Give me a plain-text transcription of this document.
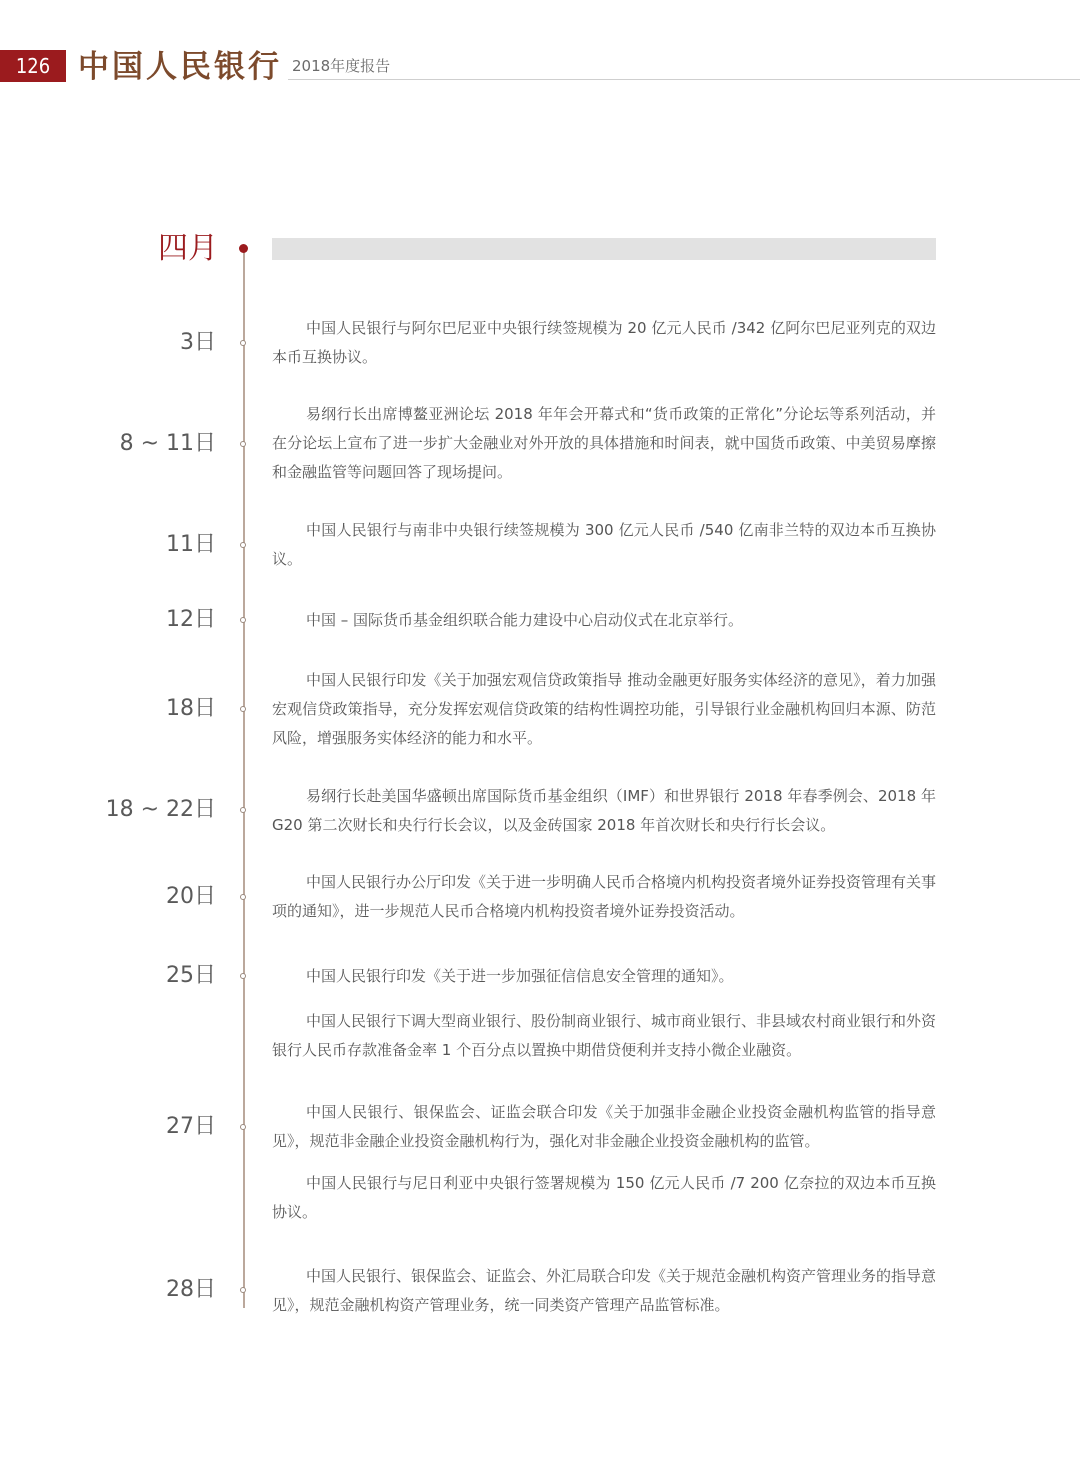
126 中国人民银行 2018年度报告
四月
3日

中国人民银行与阿尔巴尼亚中央银行续签规模为 20 亿元人民币 /342 亿阿尔巴尼亚列克的双边本币互换协议。

8 ~ 11日

易纲行长出席博鳌亚洲论坛 2018 年年会开幕式和“货币政策的正常化”分论坛等系列活动，并在分论坛上宣布了进一步扩大金融业对外开放的具体措施和时间表，就中国货币政策、中美贸易摩擦和金融监管等问题回答了现场提问。

11日

中国人民银行与南非中央银行续签规模为 300 亿元人民币 /540 亿南非兰特的双边本币互换协议。

12日	中国 – 国际货币基金组织联合能力建设中心启动仪式在北京举行。

18日

中国人民银行印发《关于加强宏观信贷政策指导 推动金融更好服务实体经济的意见》，着力加强宏观信贷政策指导，充分发挥宏观信贷政策的结构性调控功能，引导银行业金融机构回归本源、防范风险，增强服务实体经济的能力和水平。

18 ~ 22日

易纲行长赴美国华盛顿出席国际货币基金组织（IMF）和世界银行 2018 年春季例会、2018 年 G20 第二次财长和央行行长会议，以及金砖国家 2018 年首次财长和央行行长会议。

20日

中国人民银行办公厅印发《关于进一步明确人民币合格境内机构投资者境外证券投资管理有关事项的通知》，进一步规范人民币合格境内机构投资者境外证券投资活动。

25日	中国人民银行印发《关于进一步加强征信信息安全管理的通知》。

27日

中国人民银行下调大型商业银行、股份制商业银行、城市商业银行、非县域农村商业银行和外资银行人民币存款准备金率 1 个百分点以置换中期借贷便利并支持小微企业融资。

中国人民银行、银保监会、证监会联合印发《关于加强非金融企业投资金融机构监管的指导意见》，规范非金融企业投资金融机构行为，强化对非金融企业投资金融机构的监管。

中国人民银行与尼日利亚中央银行签署规模为 150 亿元人民币 /7 200 亿奈拉的双边本币互换协议。

28日

中国人民银行、银保监会、证监会、外汇局联合印发《关于规范金融机构资产管理业务的指导意见》，规范金融机构资产管理业务，统一同类资产管理产品监管标准。
